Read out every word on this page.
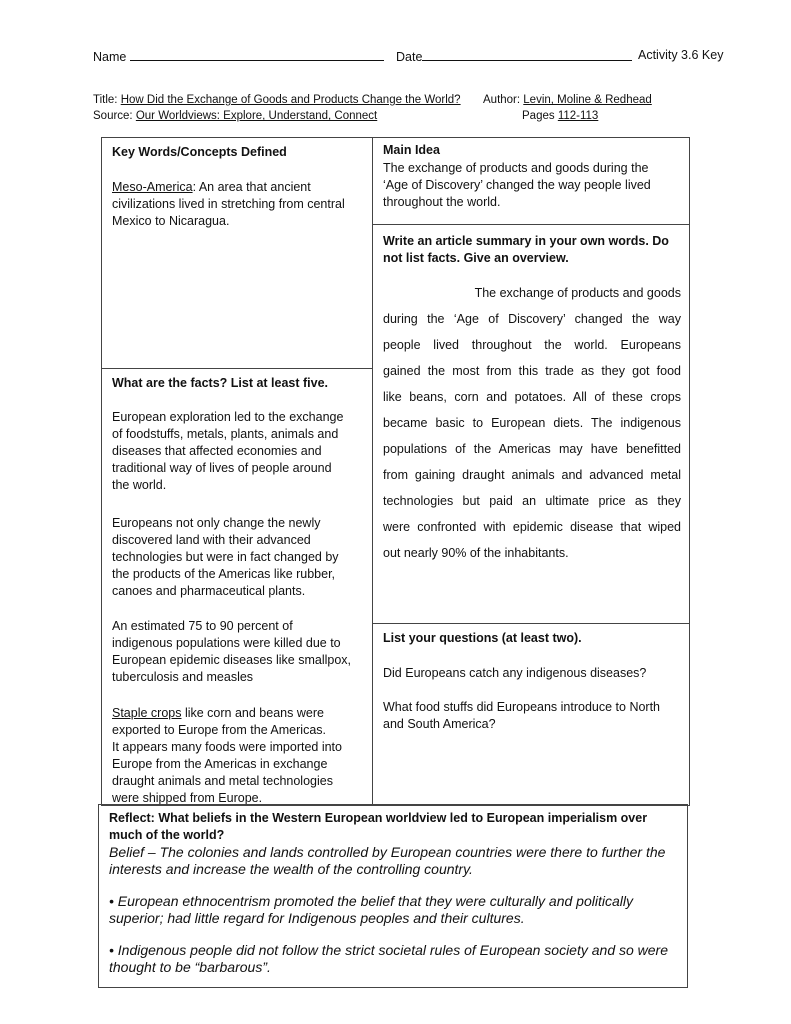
Name	Date	Activity 3.6 Key
Title: How Did the Exchange of Goods and Products Change the World? Author: Levin, Moline & Redhead
Source: Our Worldviews: Explore, Understand, Connect	Pages 112-113
Key Words/Concepts Defined
Meso-America: An area that ancient
civilizations lived in stretching from central
Mexico to Nicaragua.
What are the facts? List at least five.
European exploration led to the exchange
of foodstuffs, metals, plants, animals and
diseases that affected economies and
traditional way of lives of people around
the world.
Europeans not only change the newly
discovered land with their advanced
technologies but were in fact changed by
the products of the Americas like rubber,
canoes and pharmaceutical plants.
An estimated 75 to 90 percent of
indigenous populations were killed due to
European epidemic diseases like smallpox,
tuberculosis and measles
Staple crops like corn and beans were
exported to Europe from the Americas.
It appears many foods were imported into
Europe from the Americas in exchange
draught animals and metal technologies
were shipped from Europe.
Main Idea
The exchange of products and goods during the
‘Age of Discovery’ changed the way people lived
throughout the world.
Write an article summary in your own words. Do
not list facts. Give an overview.
The exchange of products and goods
during the ‘Age of Discovery’ changed the way
people lived throughout the world. Europeans
gained the most from this trade as they got food
like beans, corn and potatoes. All of these crops
became basic to European diets. The indigenous
populations of the Americas may have benefitted
from gaining draught animals and advanced metal
technologies but paid an ultimate price as they
were confronted with epidemic disease that wiped
out nearly 90% of the inhabitants.
List your questions (at least two).
Did Europeans catch any indigenous diseases?
What food stuffs did Europeans introduce to North
and South America?
Reflect: What beliefs in the Western European worldview led to European imperialism over
much of the world?
Belief – The colonies and lands controlled by European countries were there to further the
interests and increase the wealth of the controlling country.
• European ethnocentrism promoted the belief that they were culturally and politically
superior; had little regard for Indigenous peoples and their cultures.
• Indigenous people did not follow the strict societal rules of European society and so were
thought to be “barbarous”.
